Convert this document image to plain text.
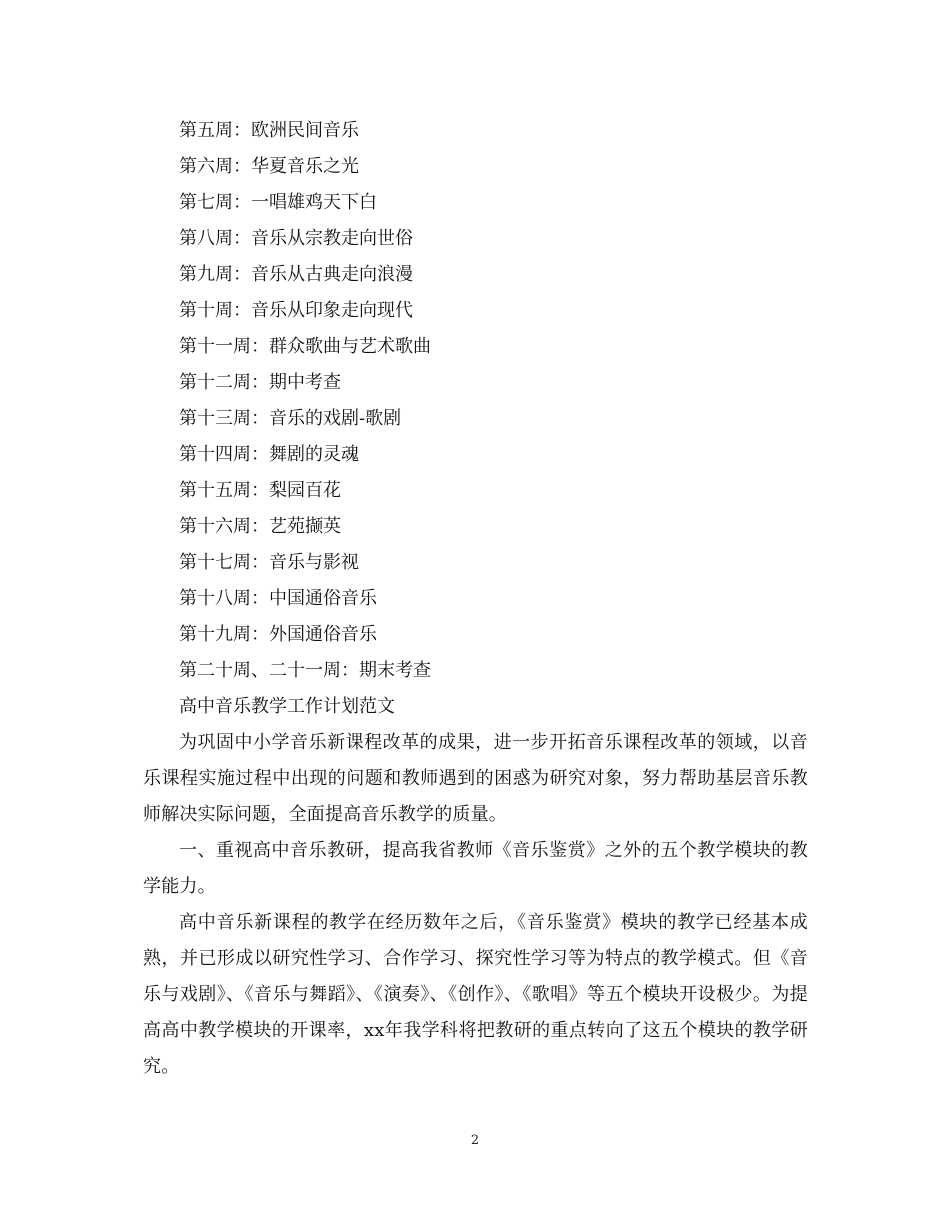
第五周：欧洲民间音乐

第六周：华夏音乐之光

第七周：一唱雄鸡天下白

第八周：音乐从宗教走向世俗

第九周：音乐从古典走向浪漫

第十周：音乐从印象走向现代

第十一周：群众歌曲与艺术歌曲

第十二周：期中考查

第十三周：音乐的戏剧-歌剧

第十四周：舞剧的灵魂

第十五周：梨园百花

第十六周：艺苑撷英

第十七周：音乐与影视

第十八周：中国通俗音乐

第十九周：外国通俗音乐

第二十周、二十一周：期末考查

高中音乐教学工作计划范文

为巩固中小学音乐新课程改革的成果，进一步开拓音乐课程改革的领域，以音乐课程实施过程中出现的问题和教师遇到的困惑为研究对象，努力帮助基层音乐教师解决实际问题，全面提高音乐教学的质量。

一、重视高中音乐教研，提高我省教师《音乐鉴赏》之外的五个教学模块的教学能力。

高中音乐新课程的教学在经历数年之后，《音乐鉴赏》模块的教学已经基本成熟，并已形成以研究性学习、合作学习、探究性学习等为特点的教学模式。但《音乐与戏剧》、《音乐与舞蹈》、《演奏》、《创作》、《歌唱》等五个模块开设极少。为提高高中教学模块的开课率，xx年我学科将把教研的重点转向了这五个模块的教学研究。

2
